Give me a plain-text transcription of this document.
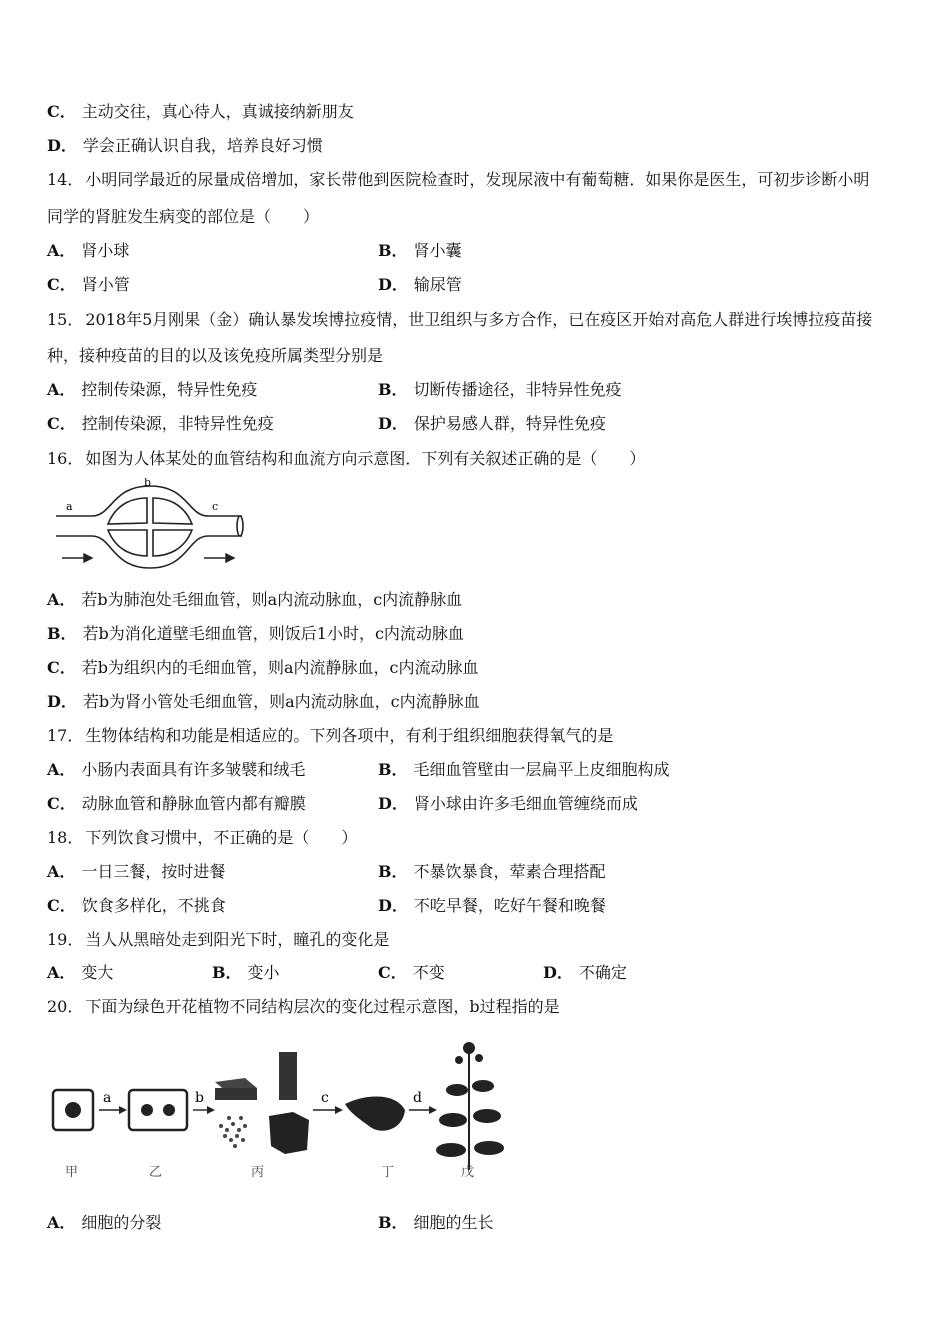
C． 主动交往，真心待人，真诚接纳新朋友
D． 学会正确认识自我，培养良好习惯
14． 小明同学最近的尿量成倍增加，家长带他到医院检查时，发现尿液中有葡萄糖．如果你是医生，可初步诊断小明
同学的肾脏发生病变的部位是（　　）
A． 肾小球	B． 肾小囊
C． 肾小管	D． 输尿管
15． 2018年5月刚果（金）确认暴发埃博拉疫情，世卫组织与多方合作，已在疫区开始对高危人群进行埃博拉疫苗接
种，接种疫苗的目的以及该免疫所属类型分别是
A． 控制传染源，特异性免疫	B． 切断传播途径，非特异性免疫
C． 控制传染源，非特异性免疫	D． 保护易感人群，特异性免疫
16． 如图为人体某处的血管结构和血流方向示意图．下列有关叙述正确的是（　　）
a
b
c
A． 若b为肺泡处毛细血管，则a内流动脉血，c内流静脉血
B． 若b为消化道壁毛细血管，则饭后1小时，c内流动脉血
C． 若b为组织内的毛细血管，则a内流静脉血，c内流动脉血
D． 若b为肾小管处毛细血管，则a内流动脉血，c内流静脉血
17． 生物体结构和功能是相适应的。下列各项中，有利于组织细胞获得氧气的是
A． 小肠内表面具有许多皱襞和绒毛	B． 毛细血管壁由一层扁平上皮细胞构成
C． 动脉血管和静脉血管内都有瓣膜	D． 肾小球由许多毛细血管缠绕而成
18． 下列饮食习惯中，不正确的是（　　）
A． 一日三餐，按时进餐	B． 不暴饮暴食，荤素合理搭配
C． 饮食多样化，不挑食	D． 不吃早餐，吃好午餐和晚餐
19． 当人从黑暗处走到阳光下时，瞳孔的变化是
A． 变大	B． 变小	C． 不变	D． 不确定
20． 下面为绿色开花植物不同结构层次的变化过程示意图，b过程指的是
a	b	c	d
甲	乙	丙	丁	戊
A． 细胞的分裂	B． 细胞的生长
